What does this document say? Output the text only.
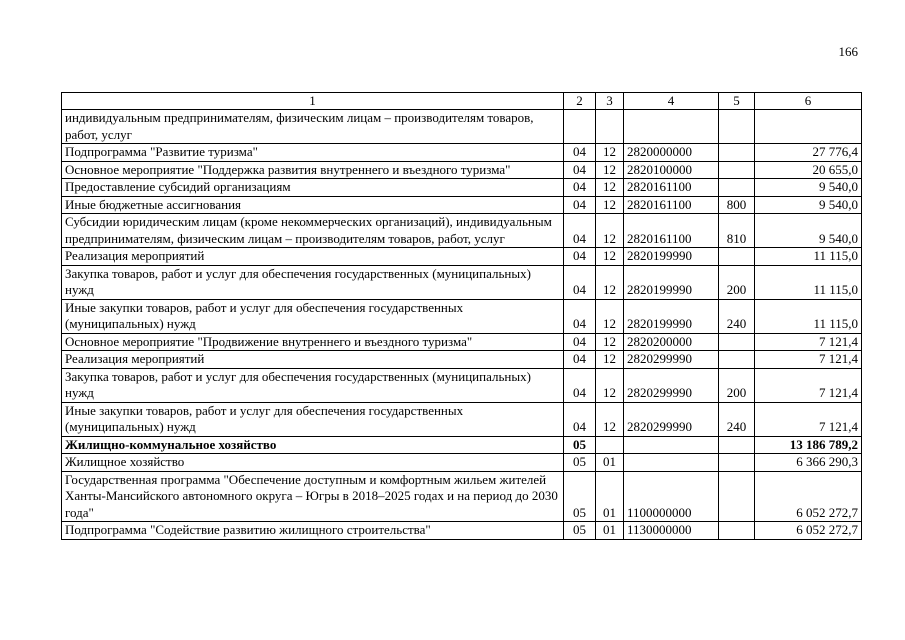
166
1	2	3	4	5	6
индивидуальным предпринимателям, физическим лицам – производителям товаров, работ, услуг					
Подпрограмма "Развитие туризма"	04	12	2820000000		27 776,4
Основное мероприятие "Поддержка развития внутреннего и въездного туризма"	04	12	2820100000		20 655,0
Предоставление субсидий организациям	04	12	2820161100		9 540,0
Иные бюджетные ассигнования	04	12	2820161100	800	9 540,0
Субсидии юридическим лицам (кроме некоммерческих организаций), индивидуальным предпринимателям, физическим лицам – производителям товаров, работ, услуг	04	12	2820161100	810	9 540,0
Реализация мероприятий	04	12	2820199990		11 115,0
Закупка товаров, работ и услуг для обеспечения государственных (муниципальных) нужд	04	12	2820199990	200	11 115,0
Иные закупки товаров, работ и услуг для обеспечения государственных (муниципальных) нужд	04	12	2820199990	240	11 115,0
Основное мероприятие "Продвижение внутреннего и въездного туризма"	04	12	2820200000		7 121,4
Реализация мероприятий	04	12	2820299990		7 121,4
Закупка товаров, работ и услуг для обеспечения государственных (муниципальных) нужд	04	12	2820299990	200	7 121,4
Иные закупки товаров, работ и услуг для обеспечения государственных (муниципальных) нужд	04	12	2820299990	240	7 121,4
Жилищно-коммунальное хозяйство	05				13 186 789,2
Жилищное хозяйство	05	01			6 366 290,3
Государственная программа "Обеспечение доступным и комфортным жильем жителей Ханты-Мансийского автономного округа – Югры в 2018–2025 годах и на период до 2030 года"	05	01	1100000000		6 052 272,7
Подпрограмма "Содействие развитию жилищного строительства"	05	01	1130000000		6 052 272,7
